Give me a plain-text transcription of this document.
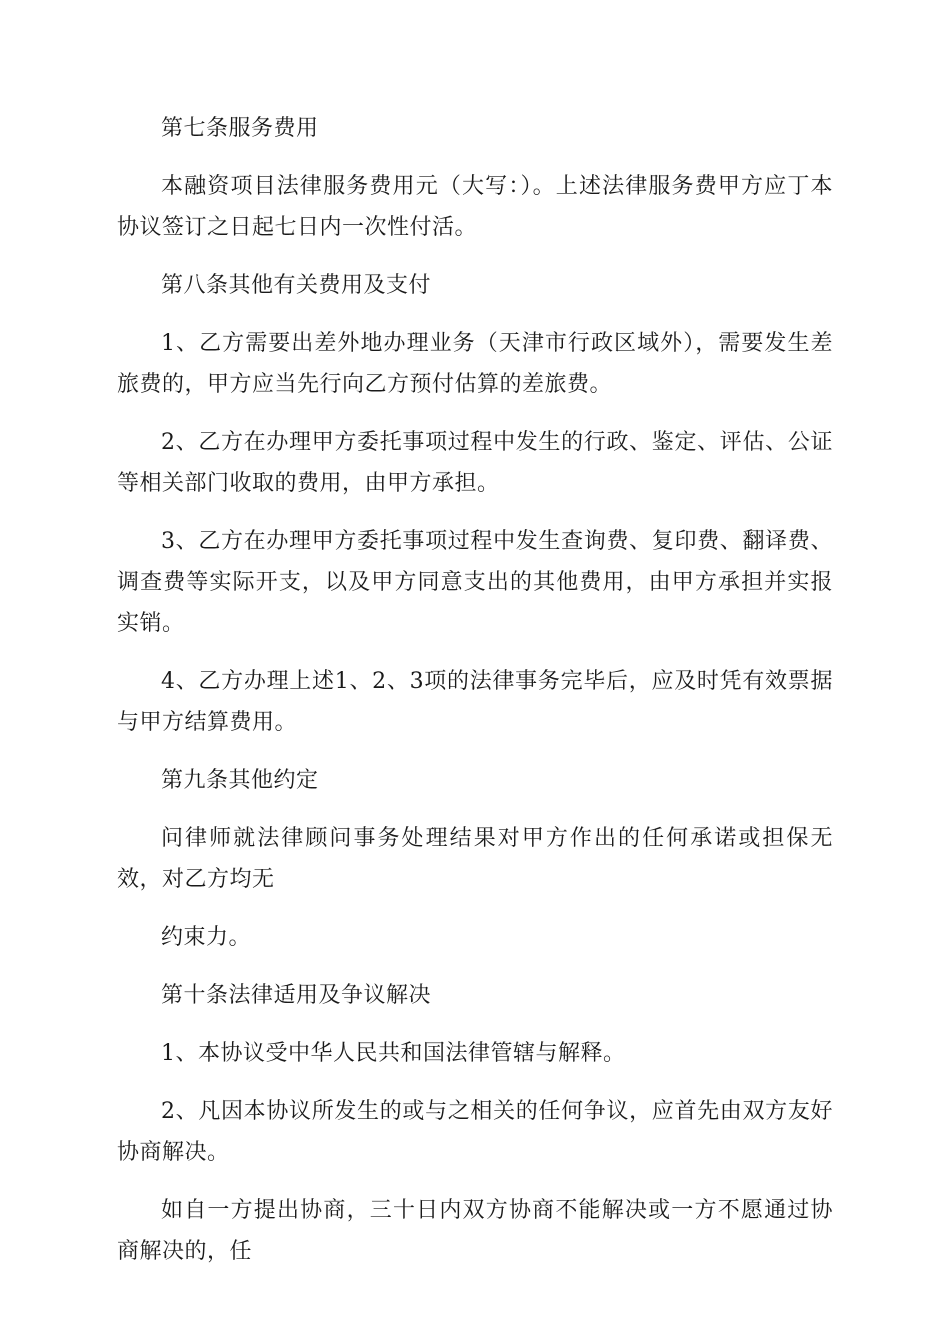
第七条服务费用

本融资项目法律服务费用元（大写：）。上述法律服务费甲方应丁本协议签订之日起七日内一次性付活。

第八条其他有关费用及支付

1、乙方需要出差外地办理业务（天津市行政区域外），需要发生差旅费的，甲方应当先行向乙方预付估算的差旅费。

2、乙方在办理甲方委托事项过程中发生的行政、鉴定、评估、公证等相关部门收取的费用，由甲方承担。

3、乙方在办理甲方委托事项过程中发生查询费、复印费、翻译费、调查费等实际开支，以及甲方同意支出的其他费用，由甲方承担并实报实销。

4、乙方办理上述1、2、3项的法律事务完毕后，应及时凭有效票据与甲方结算费用。

第九条其他约定

问律师就法律顾问事务处理结果对甲方作出的任何承诺或担保无效，对乙方均无

约束力。

第十条法律适用及争议解决

1、本协议受中华人民共和国法律管辖与解释。

2、凡因本协议所发生的或与之相关的任何争议，应首先由双方友好协商解决。

如自一方提出协商，三十日内双方协商不能解决或一方不愿通过协商解决的，任
